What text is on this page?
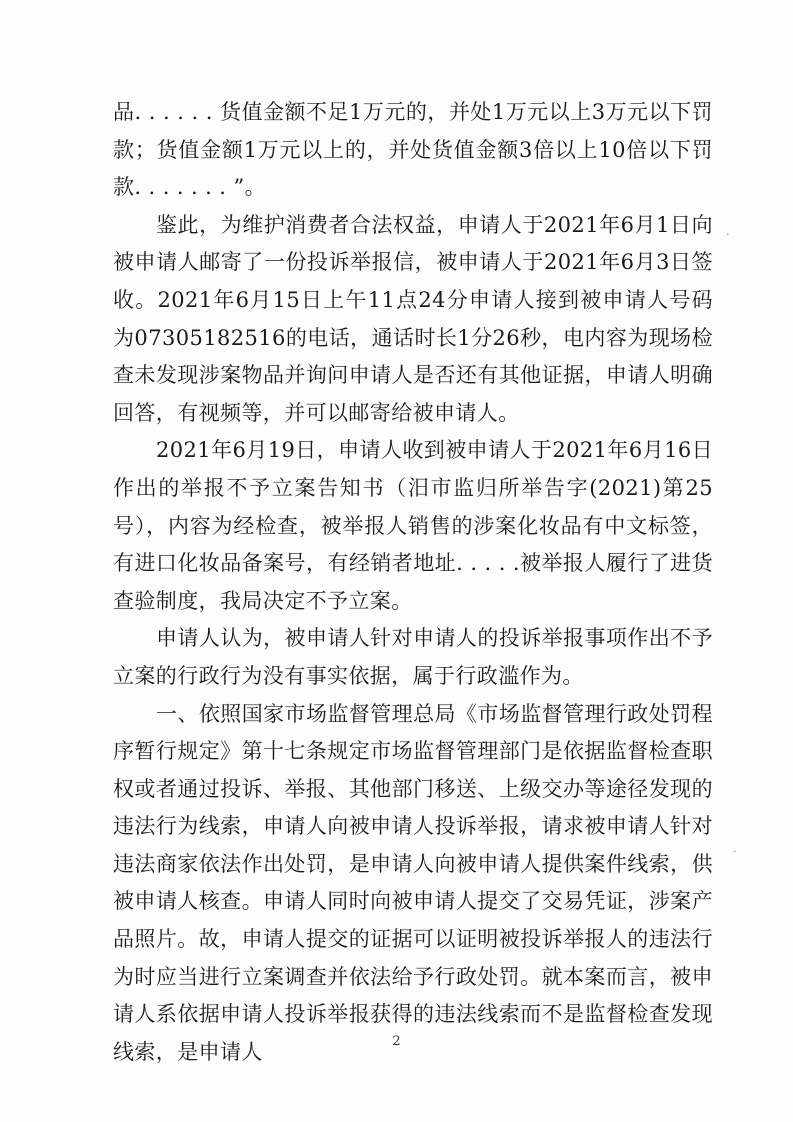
品. . . . . . 货值金额不足1万元的，并处1万元以上3万元以下罚款；货值金额1万元以上的，并处货值金额3倍以上10倍以下罚款. . . . . . . ”。

鉴此，为维护消费者合法权益，申请人于2021年6月1日向被申请人邮寄了一份投诉举报信，被申请人于2021年6月3日签收。2021年6月15日上午11点24分申请人接到被申请人号码为07305182516的电话，通话时长1分26秒，电内容为现场检查未发现涉案物品并询问申请人是否还有其他证据，申请人明确回答，有视频等，并可以邮寄给被申请人。

2021年6月19日，申请人收到被申请人于2021年6月16日作出的举报不予立案告知书（汨市监归所举告字(2021)第25号），内容为经检查，被举报人销售的涉案化妆品有中文标签，有进口化妆品备案号，有经销者地址. . . . .被举报人履行了进货查验制度，我局决定不予立案。

申请人认为，被申请人针对申请人的投诉举报事项作出不予立案的行政行为没有事实依据，属于行政滥作为。

一、依照国家市场监督管理总局《市场监督管理行政处罚程序暂行规定》第十七条规定市场监督管理部门是依据监督检查职权或者通过投诉、举报、其他部门移送、上级交办等途径发现的违法行为线索，申请人向被申请人投诉举报，请求被申请人针对违法商家依法作出处罚，是申请人向被申请人提供案件线索，供被申请人核查。申请人同时向被申请人提交了交易凭证，涉案产品照片。故，申请人提交的证据可以证明被投诉举报人的违法行为时应当进行立案调查并依法给予行政处罚。就本案而言，被申请人系依据申请人投诉举报获得的违法线索而不是监督检查发现线索，是申请人	2
·
·
